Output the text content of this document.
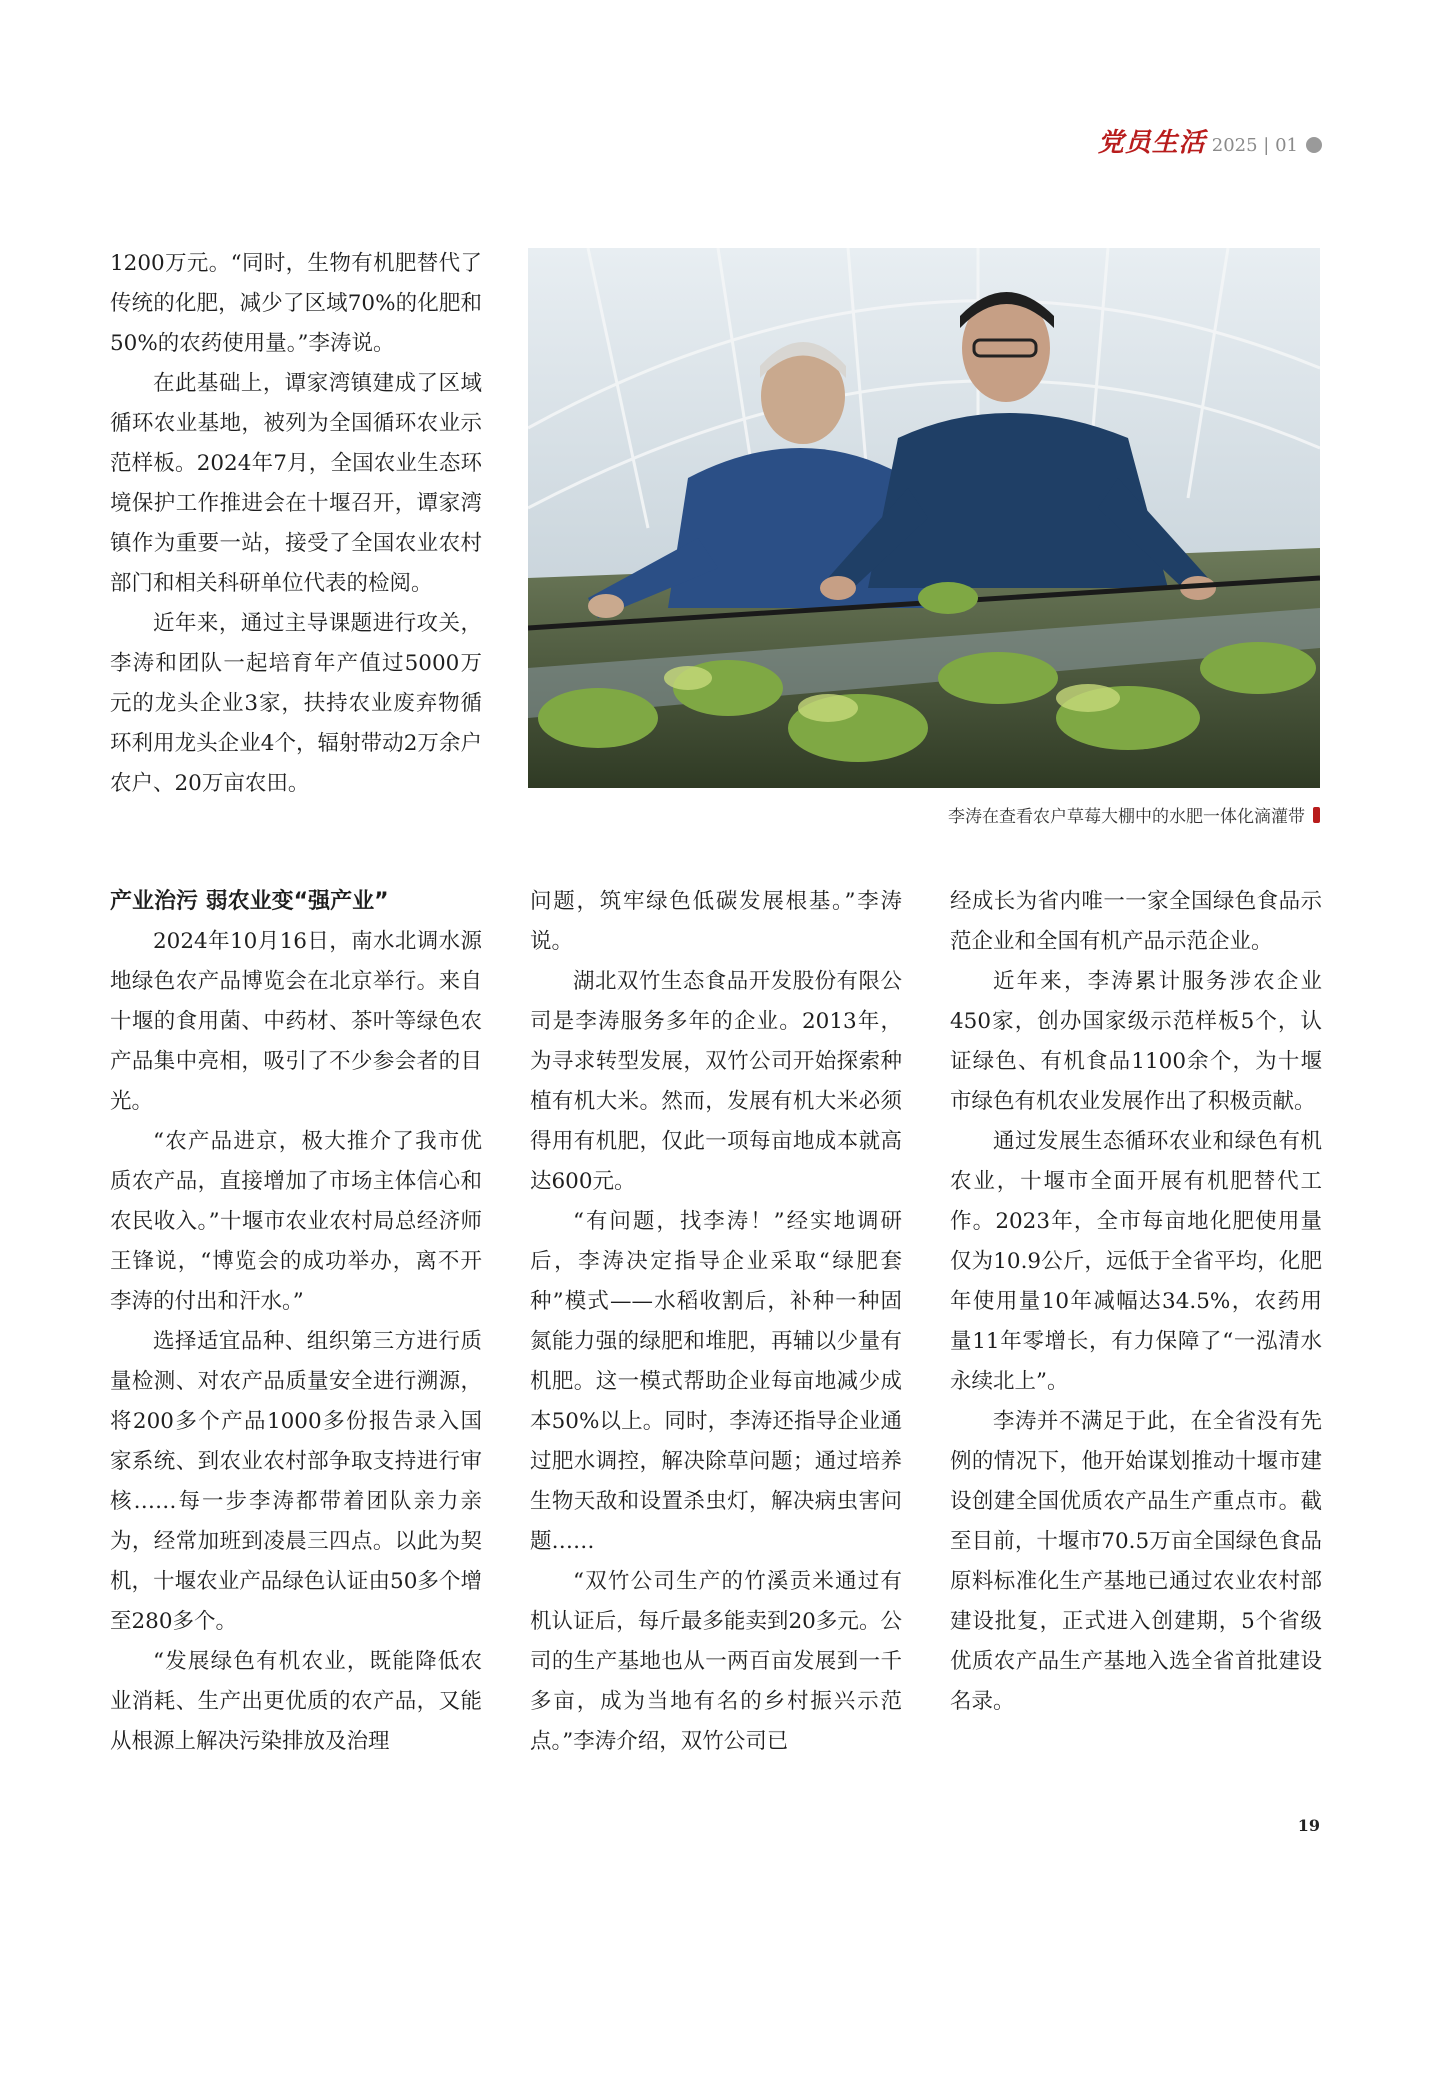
党员生活 2025 | 01

1200万元。“同时，生物有机肥替代了传统的化肥，减少了区域70%的化肥和50%的农药使用量。”李涛说。

在此基础上，谭家湾镇建成了区域循环农业基地，被列为全国循环农业示范样板。2024年7月，全国农业生态环境保护工作推进会在十堰召开，谭家湾镇作为重要一站，接受了全国农业农村部门和相关科研单位代表的检阅。

近年来，通过主导课题进行攻关，李涛和团队一起培育年产值过5000万元的龙头企业3家，扶持农业废弃物循环利用龙头企业4个，辐射带动2万余户农户、20万亩农田。

李涛在查看农户草莓大棚中的水肥一体化滴灌带

产业治污 弱农业变“强产业”

2024年10月16日，南水北调水源地绿色农产品博览会在北京举行。来自十堰的食用菌、中药材、茶叶等绿色农产品集中亮相，吸引了不少参会者的目光。

“农产品进京，极大推介了我市优质农产品，直接增加了市场主体信心和农民收入。”十堰市农业农村局总经济师王锋说，“博览会的成功举办，离不开李涛的付出和汗水。”

选择适宜品种、组织第三方进行质量检测、对农产品质量安全进行溯源，将200多个产品1000多份报告录入国家系统、到农业农村部争取支持进行审核……每一步李涛都带着团队亲力亲为，经常加班到凌晨三四点。以此为契机，十堰农业产品绿色认证由50多个增至280多个。

“发展绿色有机农业，既能降低农业消耗、生产出更优质的农产品，又能从根源上解决污染排放及治理

问题，筑牢绿色低碳发展根基。”李涛说。

湖北双竹生态食品开发股份有限公司是李涛服务多年的企业。2013年，为寻求转型发展，双竹公司开始探索种植有机大米。然而，发展有机大米必须得用有机肥，仅此一项每亩地成本就高达600元。

“有问题，找李涛！”经实地调研后，李涛决定指导企业采取“绿肥套种”模式——水稻收割后，补种一种固氮能力强的绿肥和堆肥，再辅以少量有机肥。这一模式帮助企业每亩地减少成本50%以上。同时，李涛还指导企业通过肥水调控，解决除草问题；通过培养生物天敌和设置杀虫灯，解决病虫害问题……

“双竹公司生产的竹溪贡米通过有机认证后，每斤最多能卖到20多元。公司的生产基地也从一两百亩发展到一千多亩，成为当地有名的乡村振兴示范点。”李涛介绍，双竹公司已

经成长为省内唯一一家全国绿色食品示范企业和全国有机产品示范企业。

近年来，李涛累计服务涉农企业450家，创办国家级示范样板5个，认证绿色、有机食品1100余个，为十堰市绿色有机农业发展作出了积极贡献。

通过发展生态循环农业和绿色有机农业，十堰市全面开展有机肥替代工作。2023年，全市每亩地化肥使用量仅为10.9公斤，远低于全省平均，化肥年使用量10年减幅达34.5%，农药用量11年零增长，有力保障了“一泓清水永续北上”。

李涛并不满足于此，在全省没有先例的情况下，他开始谋划推动十堰市建设创建全国优质农产品生产重点市。截至目前，十堰市70.5万亩全国绿色食品原料标准化生产基地已通过农业农村部建设批复，正式进入创建期，5个省级优质农产品生产基地入选全省首批建设名录。

19
